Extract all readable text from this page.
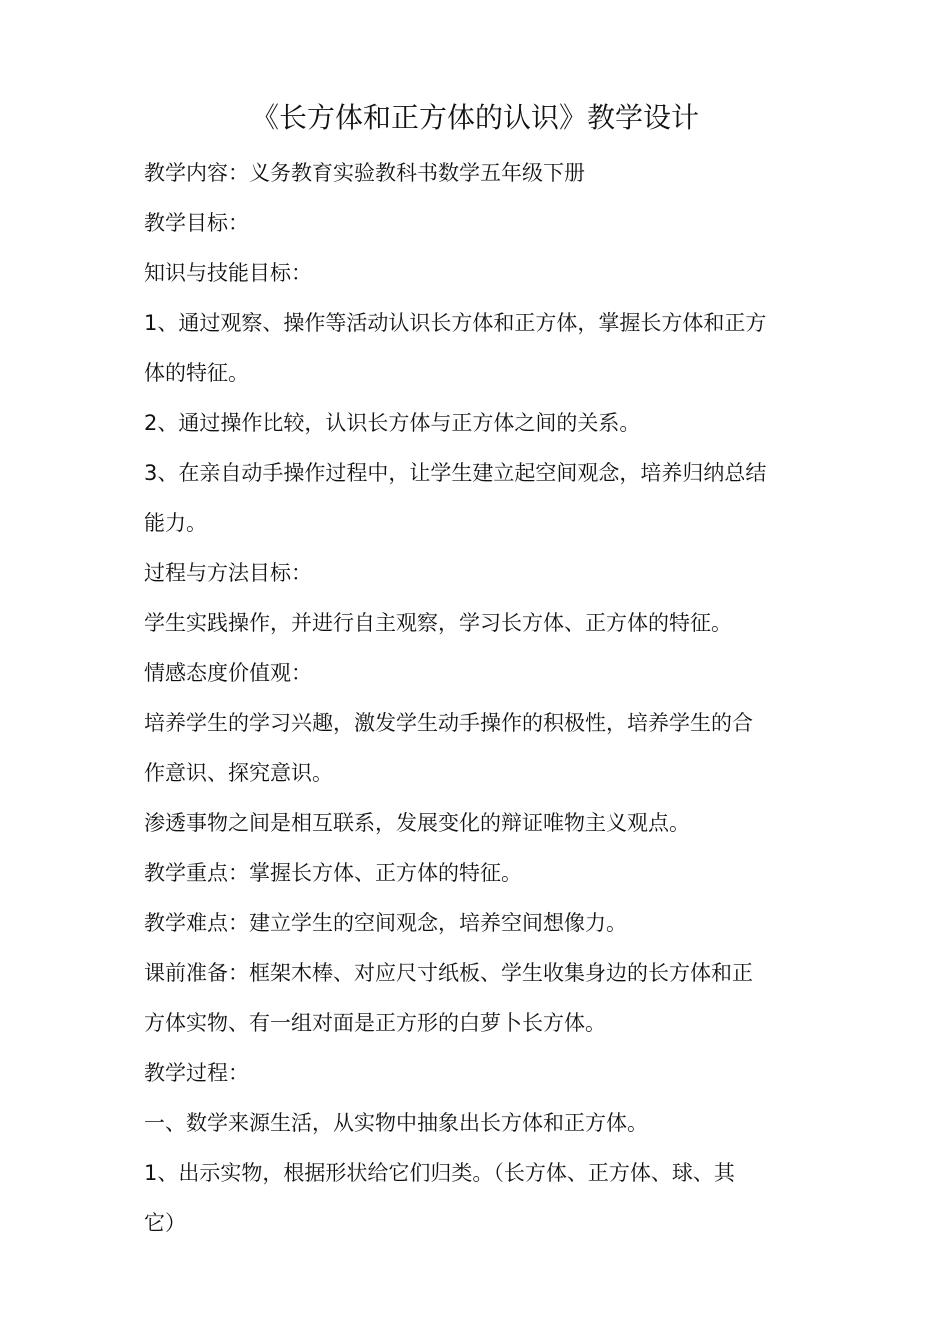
《长方体和正方体的认识》教学设计

教学内容：义务教育实验教科书数学五年级下册

教学目标：

知识与技能目标：

1、通过观察、操作等活动认识长方体和正方体，掌握长方体和正方

体的特征。

2、通过操作比较，认识长方体与正方体之间的关系。

3、在亲自动手操作过程中，让学生建立起空间观念，培养归纳总结

能力。

过程与方法目标：

学生实践操作，并进行自主观察，学习长方体、正方体的特征。

情感态度价值观：

培养学生的学习兴趣，激发学生动手操作的积极性，培养学生的合

作意识、探究意识。

渗透事物之间是相互联系，发展变化的辩证唯物主义观点。

教学重点：掌握长方体、正方体的特征。

教学难点：建立学生的空间观念，培养空间想像力。

课前准备：框架木棒、对应尺寸纸板、学生收集身边的长方体和正

方体实物、有一组对面是正方形的白萝卜长方体。

教学过程：

一、数学来源生活，从实物中抽象出长方体和正方体。

1、出示实物，根据形状给它们归类。（长方体、正方体、球、其

它）
